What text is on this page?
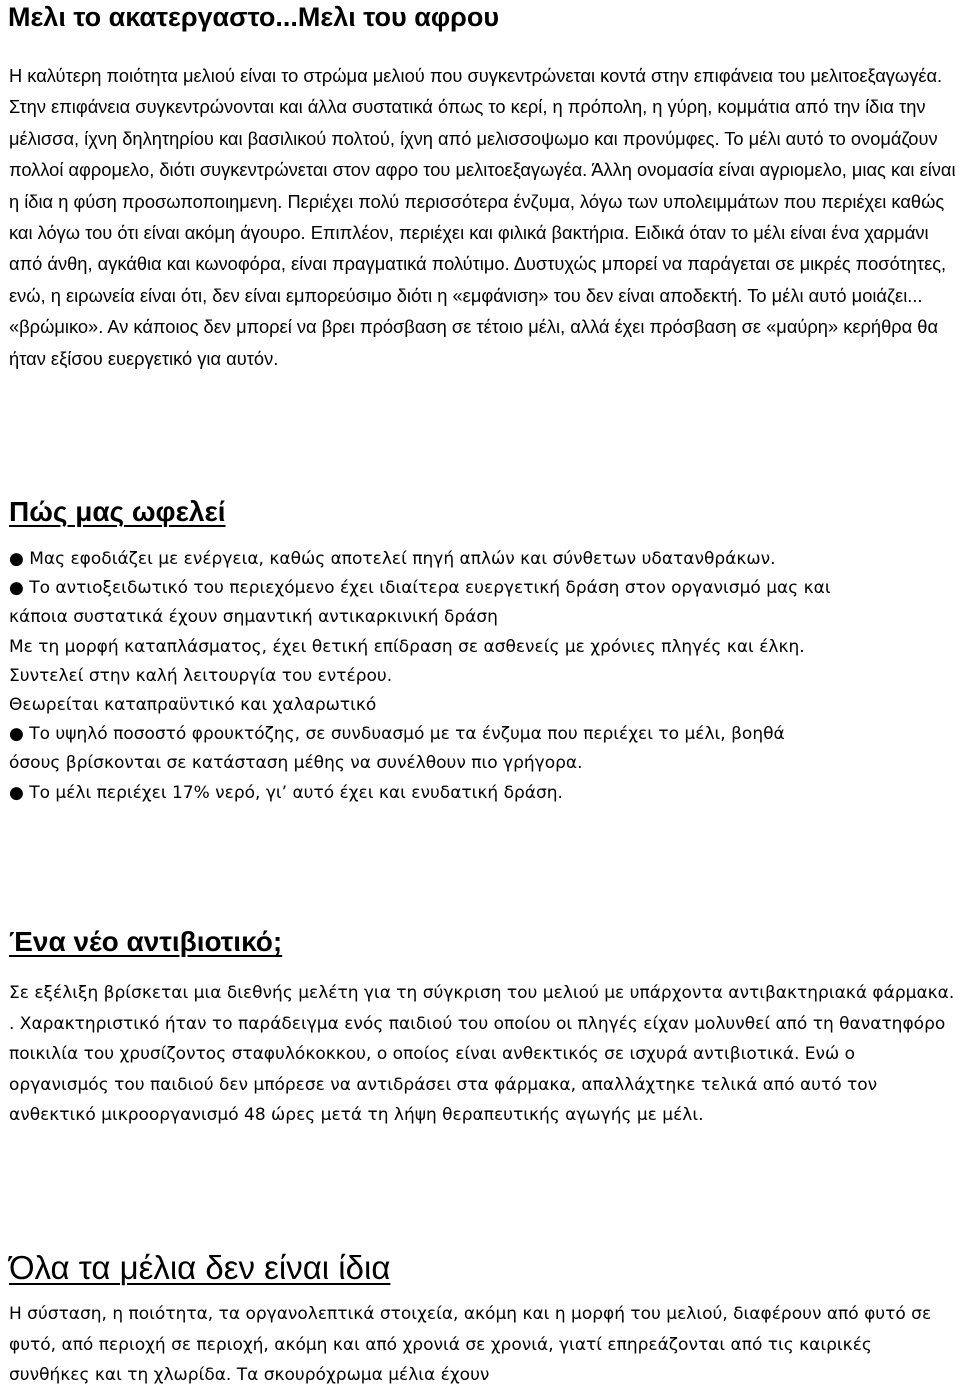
Μελι το ακατεργαστο...Μελι του αφρου

Η καλύτερη ποιότητα μελιού είναι το στρώμα μελιού που συγκεντρώνεται κοντά στην επιφάνεια του μελιτοεξαγωγέα. Στην επιφάνεια συγκεντρώνονται και άλλα συστατικά όπως το κερί, η πρόπολη, η γύρη, κομμάτια από την ίδια την μέλισσα, ίχνη δηλητηρίου και βασιλικού πολτού, ίχνη από μελισσοψωμο και προνύμφες. Το μέλι αυτό το ονομάζουν πολλοί αφρομελο, διότι συγκεντρώνεται στον αφρο του μελιτοεξαγωγέα. Άλλη ονομασία είναι αγριομελο, μιας και είναι η ίδια η φύση προσωποποιημενη. Περιέχει πολύ περισσότερα ένζυμα, λόγω των υπολειμμάτων που περιέχει καθώς και λόγω του ότι είναι ακόμη άγουρο. Επιπλέον, περιέχει και φιλικά βακτήρια. Ειδικά όταν το μέλι είναι ένα χαρμάνι από άνθη, αγκάθια και κωνοφόρα, είναι πραγματικά πολύτιμο. Δυστυχώς μπορεί να παράγεται σε μικρές ποσότητες, ενώ, η ειρωνεία είναι ότι, δεν είναι εμπορεύσιμο διότι η «εμφάνιση» του δεν είναι αποδεκτή. Το μέλι αυτό μοιάζει... «βρώμικο». Αν κάποιος δεν μπορεί να βρει πρόσβαση σε τέτοιο μέλι, αλλά έχει πρόσβαση σε «μαύρη» κερήθρα θα ήταν εξίσου ευεργετικό για αυτόν.

Πώς μας ωφελεί
● Μας εφοδιάζει με ενέργεια, καθώς αποτελεί πηγή απλών και σύνθετων υδατανθράκων.
● Το αντιοξειδωτικό του περιεχόμενο έχει ιδιαίτερα ευεργετική δράση στον οργανισμό μας και
κάποια συστατικά έχουν σημαντική αντικαρκινική δράση
Με τη μορφή καταπλάσματος, έχει θετική επίδραση σε ασθενείς με χρόνιες πληγές και έλκη.
Συντελεί στην καλή λειτουργία του εντέρου.
Θεωρείται καταπραϋντικό και χαλαρωτικό
● Το υψηλό ποσοστό φρουκτόζης, σε συνδυασμό με τα ένζυμα που περιέχει το μέλι, βοηθά
όσους βρίσκονται σε κατάσταση μέθης να συνέλθουν πιο γρήγορα.
● Το μέλι περιέχει 17% νερό, γι’ αυτό έχει και ενυδατική δράση.
Ένα νέο αντιβιοτικό;

Σε εξέλιξη βρίσκεται μια διεθνής μελέτη για τη σύγκριση του μελιού με υπάρχοντα αντιβακτηριακά φάρμακα. . Χαρακτηριστικό ήταν το παράδειγμα ενός παιδιού του οποίου οι πληγές είχαν μολυνθεί από τη θανατηφόρο ποικιλία του χρυσίζοντος σταφυλόκοκκου, ο οποίος είναι ανθεκτικός σε ισχυρά αντιβιοτικά. Ενώ ο οργανισμός του παιδιού δεν μπόρεσε να αντιδράσει στα φάρμακα, απαλλάχτηκε τελικά από αυτό τον ανθεκτικό μικροοργανισμό 48 ώρες μετά τη λήψη θεραπευτικής αγωγής με μέλι.

Όλα τα μέλια δεν είναι ίδια

Η σύσταση, η ποιότητα, τα οργανολεπτικά στοιχεία, ακόμη και η μορφή του μελιού, διαφέρουν από φυτό σε φυτό, από περιοχή σε περιοχή, ακόμη και από χρονιά σε χρονιά, γιατί επηρεάζονται από τις καιρικές συνθήκες και τη χλωρίδα. Τα σκουρόχρωμα μέλια έχουν
